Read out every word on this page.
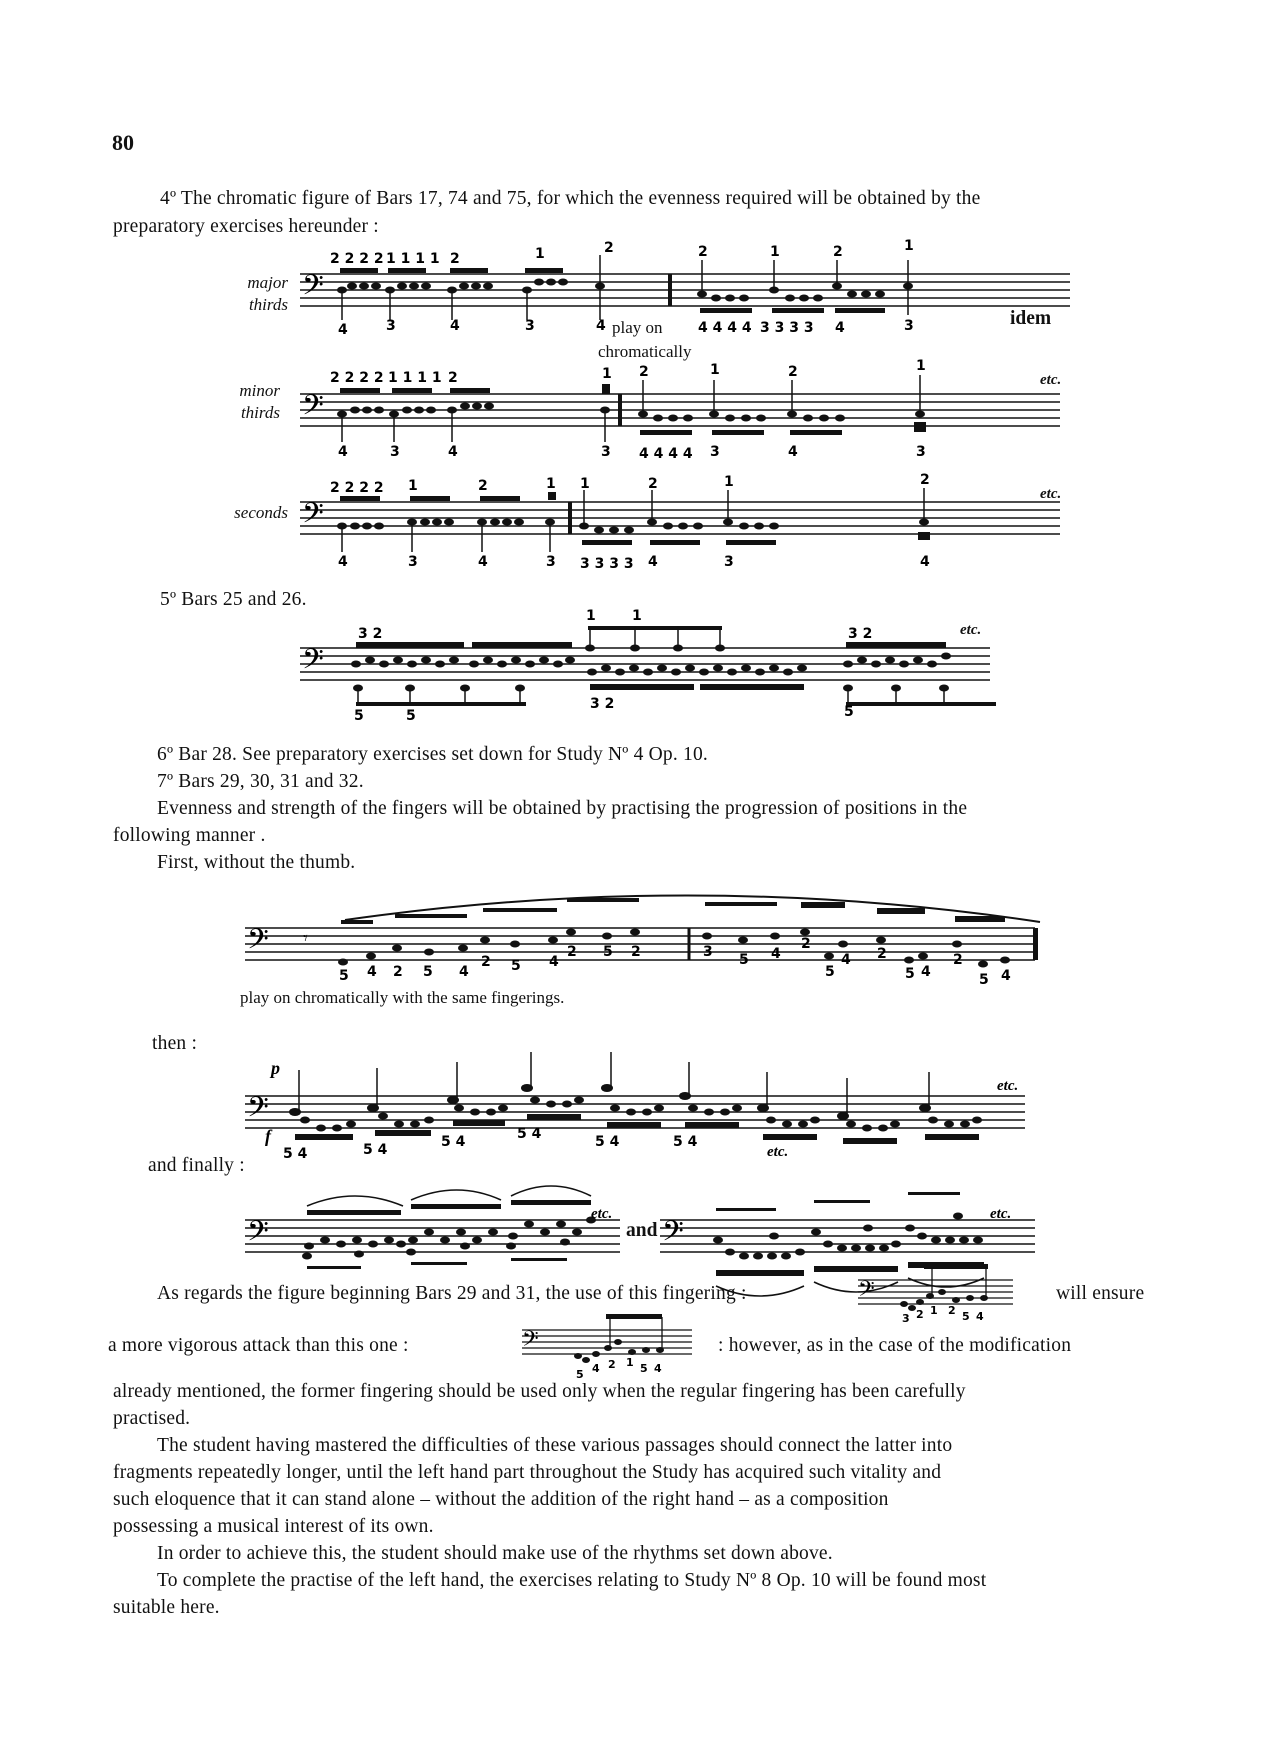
80
4º The chromatic figure of Bars 17, 74 and 75, for which the evenness required will be obtained by the
preparatory exercises hereunder :
major
thirds 𝄢
2 2 2 2 1 1 1 1 2	1	2	2	1	2	1
4	3	4	3	4	4 4 4 4 3 3 3 3 4	3
play on
chromatically
idem
minor
thirds 𝄢
2 2 2 2 1 1 1 1 2	1 2	1	2	1
4	3	4	3 4 4 4 4 3	4	3
etc.
seconds 𝄢
2 2 2 2 1	2	1 1	2	1	2
4	3	4	3 3 3 3 3 4	3	4
etc.
5º Bars 25 and 26.
𝄢
3 2
1	1
3 2
5	5
3 2	5
etc.
6º Bar 28. See preparatory exercises set down for Study Nº 4 Op. 10.
7º Bars 29, 30, 31 and 32.
Evenness and strength of the fingers will be obtained by practising the progression of positions in the
following manner .
First, without the thumb.
𝄢 𝄾
5 4 2 5 4
2 5 4
2 5 2	3 5 4
2
5
4 2
5 4
2
5 4
play on chromatically with the same fingerings.
then :
𝄢
p
f
5 4	5 4	5 4	5 4	5 4	5 4
etc.
etc.
and finally :
𝄢
etc.
and 𝄢
etc.
As regards the figure beginning Bars 29 and 31, the use of this fingering :	𝄢
3 2 1 2 5 4
will ensure
a more vigorous attack than this one :	𝄢
5 4 2 1 5 4
: however, as in the case of the modification
already mentioned, the former fingering should be used only when the regular fingering has been carefully
practised.
The student having mastered the difficulties of these various passages should connect the latter into
fragments repeatedly longer, until the left hand part throughout the Study has acquired such vitality and
such eloquence that it can stand alone – without the addition of the right hand – as a composition
possessing a musical interest of its own.
In order to achieve this, the student should make use of the rhythms set down above.
To complete the practise of the left hand, the exercises relating to Study Nº 8 Op. 10 will be found most
suitable here.
